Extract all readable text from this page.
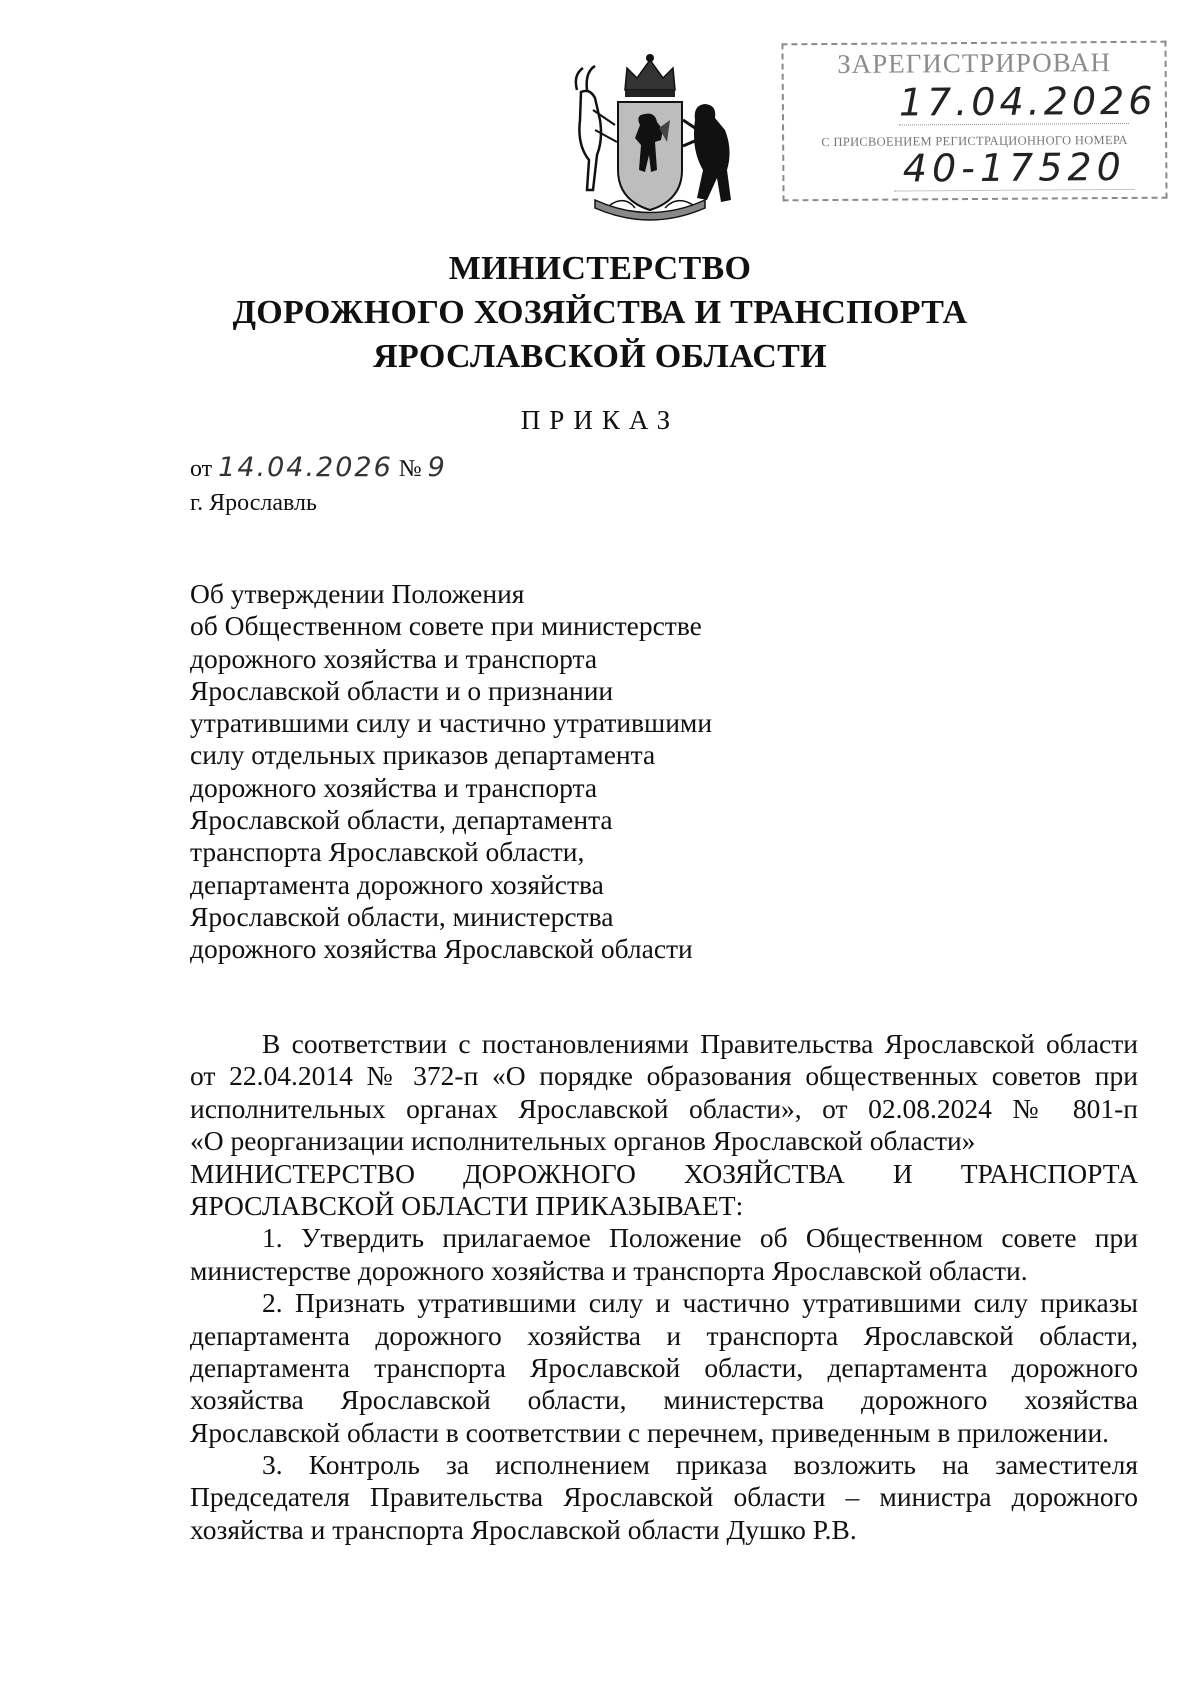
ЗАРЕГИСТРИРОВАН
17.04.2026
С ПРИСВОЕНИЕМ РЕГИСТРАЦИОННОГО НОМЕРА
40-17520
МИНИСТЕРСТВО
ДОРОЖНОГО ХОЗЯЙСТВА И ТРАНСПОРТА
ЯРОСЛАВСКОЙ ОБЛАСТИ
ПРИКАЗ
от 14.04.2026 № 9
г. Ярославль
Об утверждении Положения
об Общественном совете при министерстве
дорожного хозяйства и транспорта
Ярославской области и о признании
утратившими силу и частично утратившими
силу отдельных приказов департамента
дорожного хозяйства и транспорта
Ярославской области, департамента
транспорта Ярославской области,
департамента дорожного хозяйства
Ярославской области, министерства
дорожного хозяйства Ярославской области
В соответствии с постановлениями Правительства Ярославской области
от 22.04.2014 № 372-п «О порядке образования общественных советов при
исполнительных органах Ярославской области», от 02.08.2024 № 801-п
«О реорганизации исполнительных органов Ярославской области»
МИНИСТЕРСТВО ДОРОЖНОГО ХОЗЯЙСТВА И ТРАНСПОРТА
ЯРОСЛАВСКОЙ ОБЛАСТИ ПРИКАЗЫВАЕТ:
1. Утвердить прилагаемое Положение об Общественном совете при
министерстве дорожного хозяйства и транспорта Ярославской области.
2. Признать утратившими силу и частично утратившими силу приказы
департамента дорожного хозяйства и транспорта Ярославской области,
департамента транспорта Ярославской области, департамента дорожного
хозяйства Ярославской области, министерства дорожного хозяйства
Ярославской области в соответствии с перечнем, приведенным в приложении.
3. Контроль за исполнением приказа возложить на заместителя
Председателя Правительства Ярославской области – министра дорожного
хозяйства и транспорта Ярославской области Душко Р.В.
